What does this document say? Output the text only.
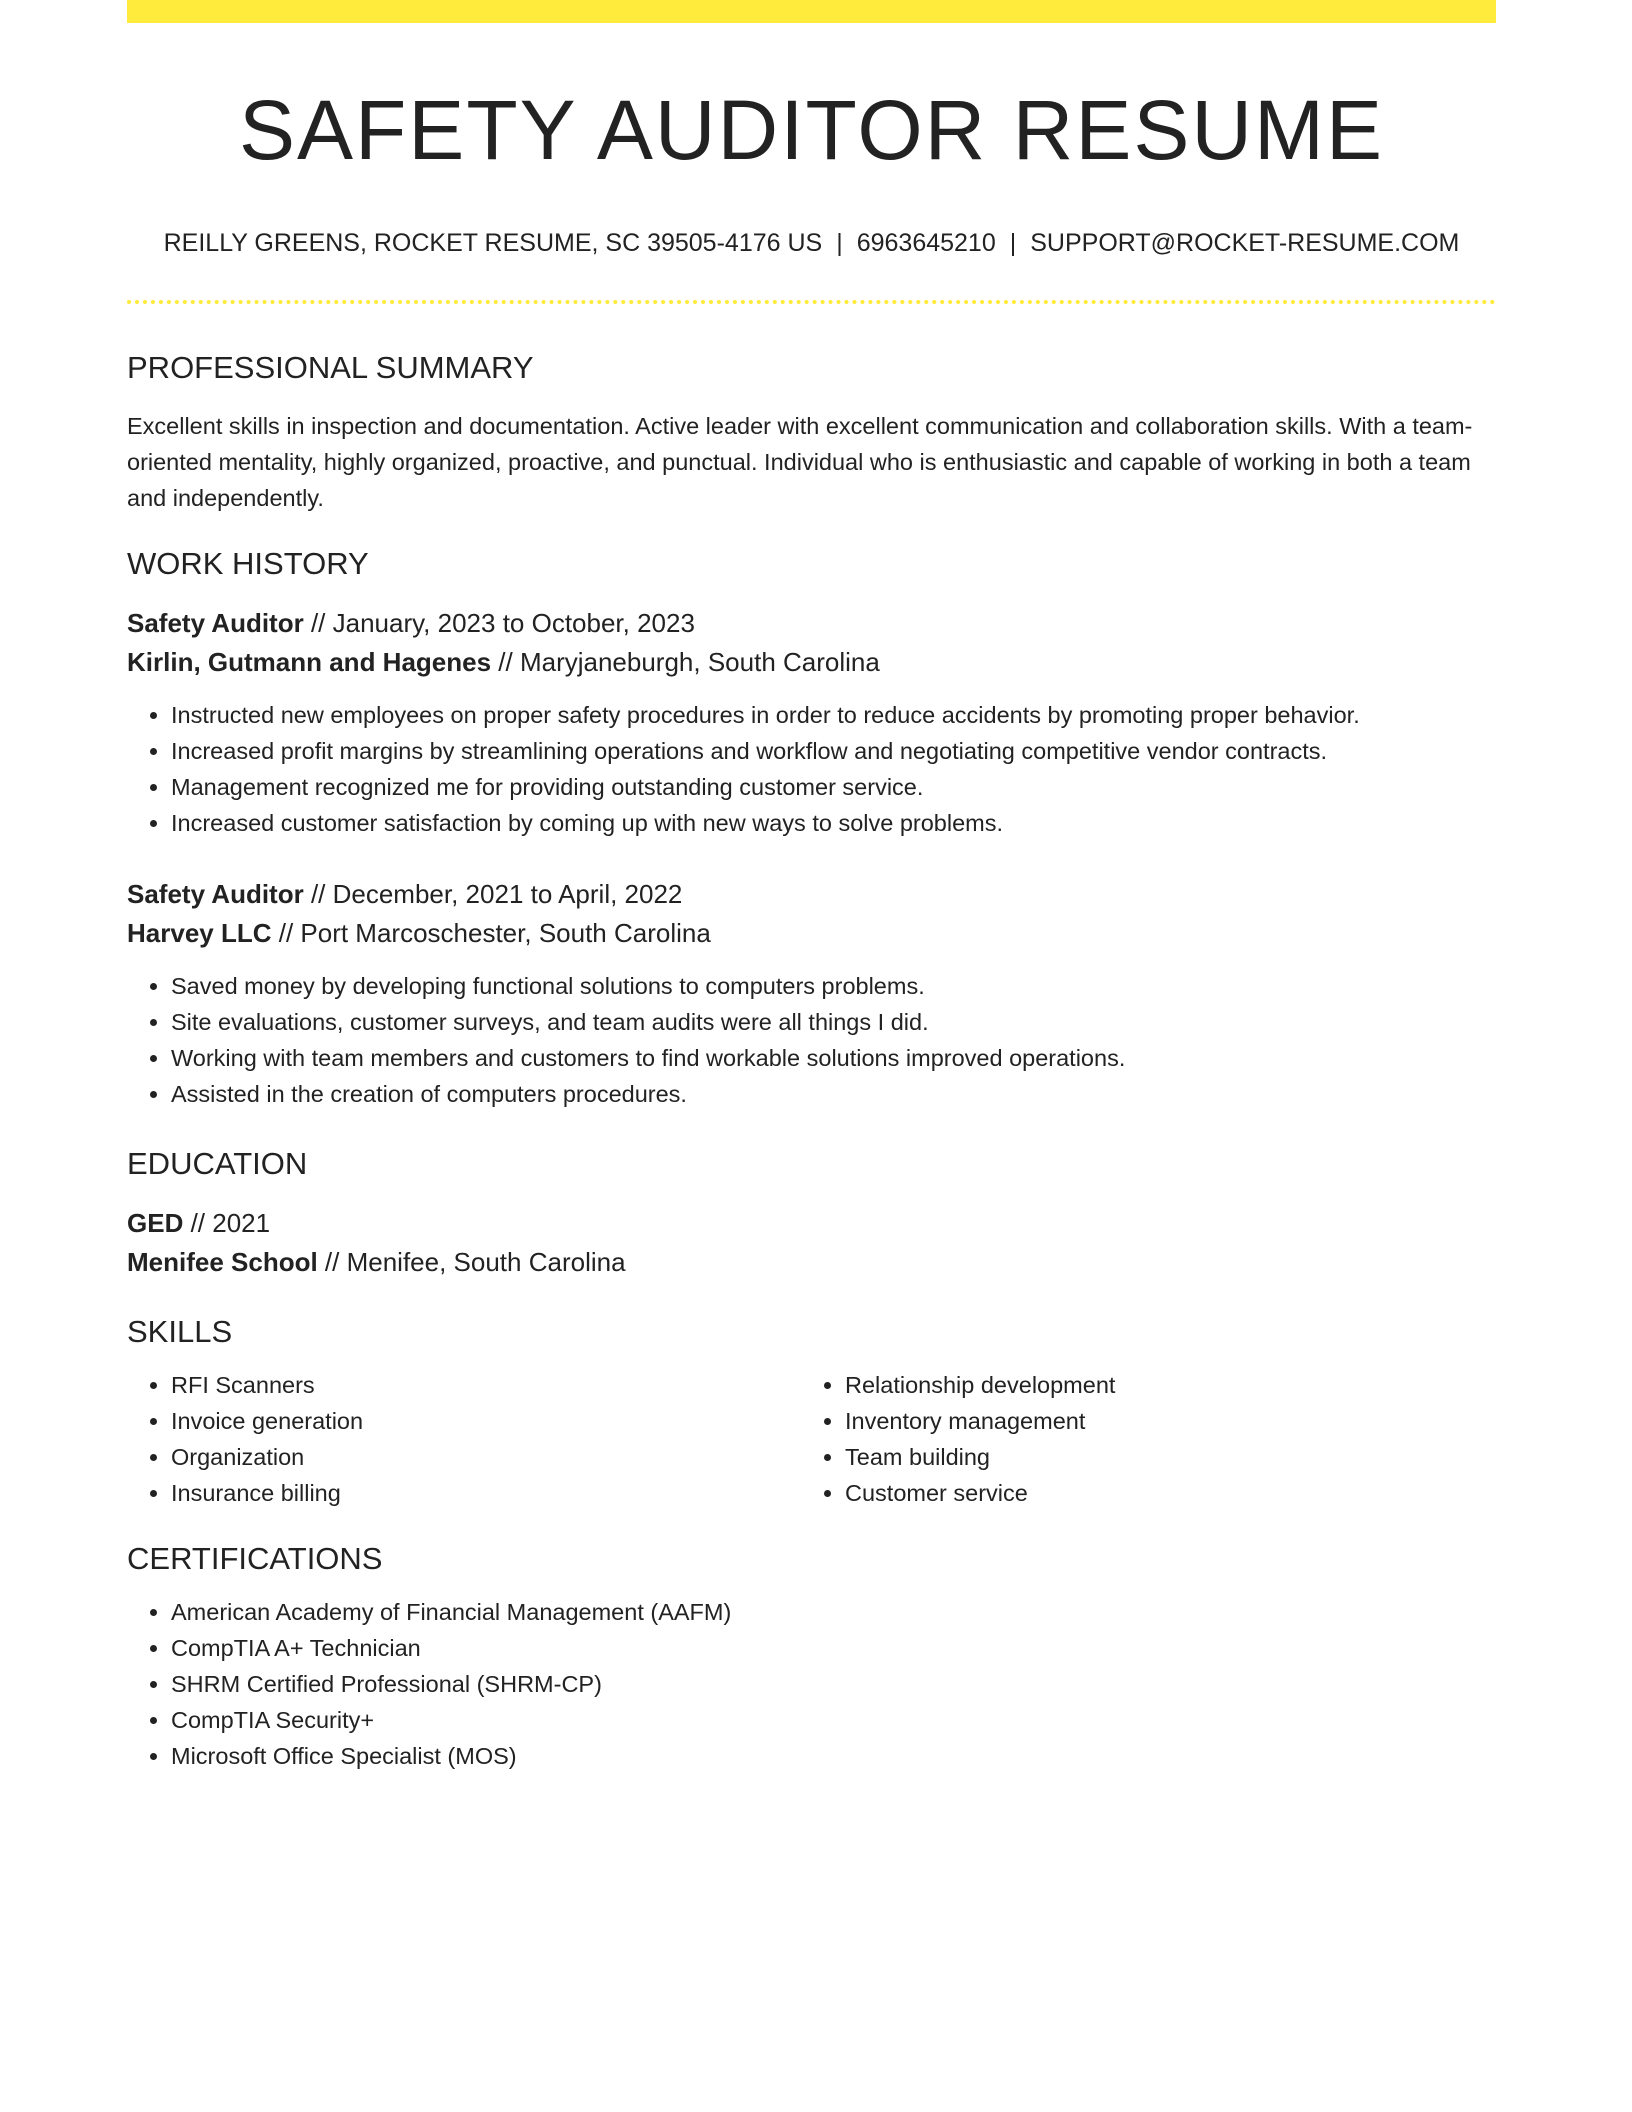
SAFETY AUDITOR RESUME
REILLY GREENS, ROCKET RESUME, SC 39505-4176 US | 6963645210 | SUPPORT@ROCKET-RESUME.COM
PROFESSIONAL SUMMARY

Excellent skills in inspection and documentation. Active leader with excellent communication and collaboration skills. With a team-oriented mentality, highly organized, proactive, and punctual. Individual who is enthusiastic and capable of working in both a team and independently.

WORK HISTORY
Safety Auditor // January, 2023 to October, 2023
Kirlin, Gutmann and Hagenes // Maryjaneburgh, South Carolina
• Instructed new employees on proper safety procedures in order to reduce accidents by promoting proper behavior.
• Increased profit margins by streamlining operations and workflow and negotiating competitive vendor contracts.
• Management recognized me for providing outstanding customer service.
• Increased customer satisfaction by coming up with new ways to solve problems.
Safety Auditor // December, 2021 to April, 2022
Harvey LLC // Port Marcoschester, South Carolina
• Saved money by developing functional solutions to computers problems.
• Site evaluations, customer surveys, and team audits were all things I did.
• Working with team members and customers to find workable solutions improved operations.
• Assisted in the creation of computers procedures.
EDUCATION
GED // 2021
Menifee School // Menifee, South Carolina
SKILLS
• RFI Scanners
• Invoice generation
• Organization
• Insurance billing
• Relationship development
• Inventory management
• Team building
• Customer service
CERTIFICATIONS
• American Academy of Financial Management (AAFM)
• CompTIA A+ Technician
• SHRM Certified Professional (SHRM-CP)
• CompTIA Security+
• Microsoft Office Specialist (MOS)
